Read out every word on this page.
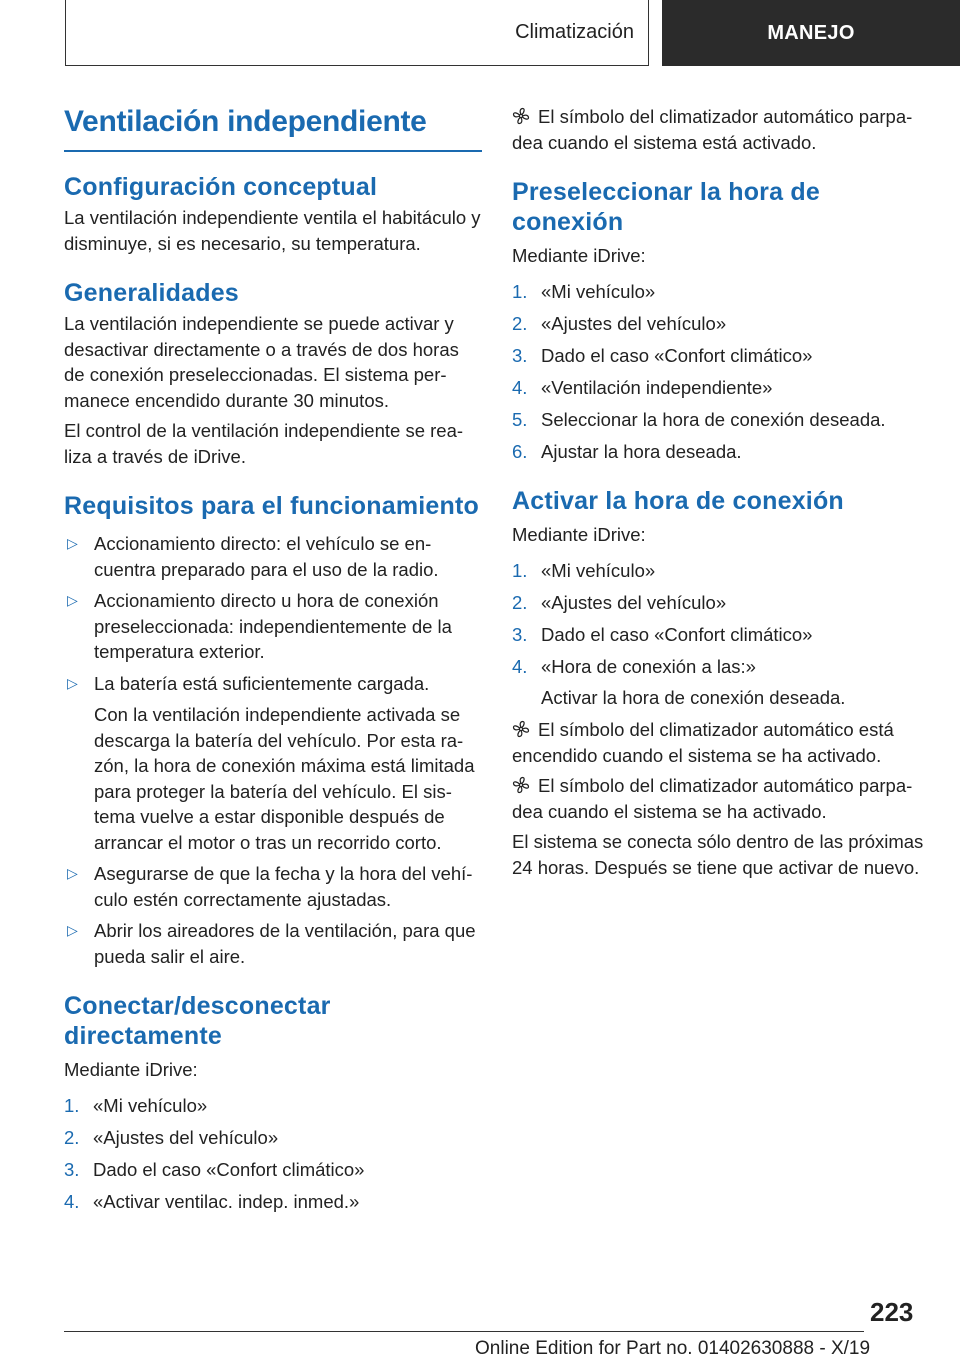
Climatización	MANEJO
Ventilación independiente
Configuración conceptual

La ventilación independiente ventila el habitáculo y disminuye, si es necesario, su temperatura.

Generalidades

La ventilación independiente se puede activar y desactivar directamente o a través de dos horas de conexión preseleccionadas. El sistema permanece encendido durante 30 minutos.

El control de la ventilación independiente se realiza a través de iDrive.

Requisitos para el funcionamiento
▷ Accionamiento directo: el vehículo se encuentra preparado para el uso de la radio.
▷ Accionamiento directo u hora de conexión preseleccionada: independientemente de la temperatura exterior.
▷ La batería está suficientemente cargada.
Con la ventilación independiente activada se descarga la batería del vehículo. Por esta razón, la hora de conexión máxima está limitada para proteger la batería del vehículo. El sistema vuelve a estar disponible después de arrancar el motor o tras un recorrido corto.
▷ Asegurarse de que la fecha y la hora del vehículo estén correctamente ajustadas.
▷ Abrir los aireadores de la ventilación, para que pueda salir el aire.
Conectar/desconectar directamente

Mediante iDrive:

1. «Mi vehículo»
2. «Ajustes del vehículo»
3. Dado el caso «Confort climático»
4. «Activar ventilac. indep. inmed.»

El símbolo del climatizador automático parpadea cuando el sistema está activado.

Preseleccionar la hora de conexión

Mediante iDrive:

1. «Mi vehículo»
2. «Ajustes del vehículo»
3. Dado el caso «Confort climático»
4. «Ventilación independiente»
5. Seleccionar la hora de conexión deseada.
6. Ajustar la hora deseada.
Activar la hora de conexión

Mediante iDrive:

1. «Mi vehículo»
2. «Ajustes del vehículo»
3. Dado el caso «Confort climático»
4. «Hora de conexión a las:»
Activar la hora de conexión deseada.

El símbolo del climatizador automático está encendido cuando el sistema se ha activado.

El símbolo del climatizador automático parpadea cuando el sistema se ha activado.

El sistema se conecta sólo dentro de las próximas 24 horas. Después se tiene que activar de nuevo.

223
Online Edition for Part no. 01402630888 - X/19
